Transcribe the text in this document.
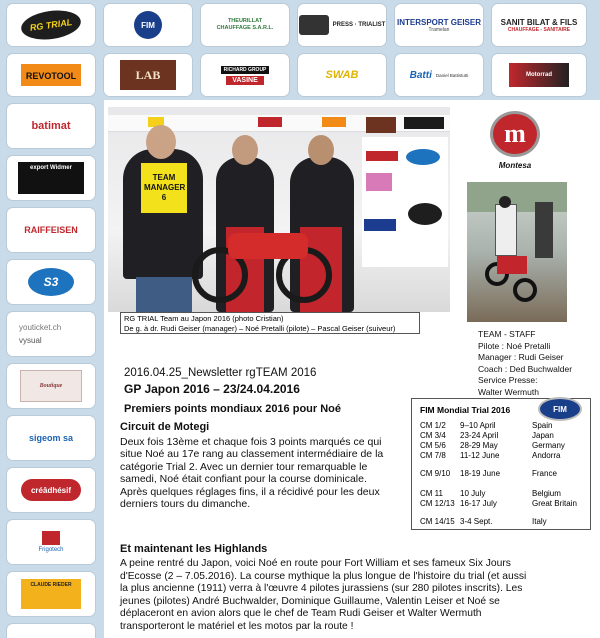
RG TRIAL	FIM	THEURILLAT CHAUFFAGE S.A.R.L.	PRESS · TRIALIST INTERSPORT GEISER
Tramelan
SANIT BILAT & FILS
CHAUFFAGE - SANITAIRE
REVOTOOL	LAB	RICHARD GROUP
VASINE	SWAB	Batti Daniel Battistutti	Motorrad
batimat
export Widmer
RAIFFEISEN
S3
youticket.ch
vysual
Boutique
sigeom sa
créâdhésif
Frigotech
CLAUDE RIEDER
TEAM MANAGER 6
RG TRIAL Team au Japon 2016 (photo Cristian)
De g. à dr. Rudi Geiser (manager) – Noé Pretalli (pilote) – Pascal Geiser (suiveur)
m
Montesa
TEAM - STAFF
Pilote : Noé Pretalli
Manager : Rudi Geiser
Coach : Ded Buchwalder
Service Presse:
Walter Wermuth
2016.04.25_Newsletter rgTEAM 2016
GP Japon 2016 – 23/24.04.2016
Premiers points mondiaux 2016 pour Noé
Circuit de Motegi
Deux fois 13ème et chaque fois 3 points marqués ce qui
situe Noé au 17e rang au classement intermédiaire de la
catégorie Trial 2. Avec un dernier tour remarquable le
samedi, Noé était confiant pour la course dominicale.
Après quelques réglages fins, il a récidivé pour les deux
derniers tours du dimanche.
Et maintenant les Highlands
A peine rentré du Japon, voici Noé en route pour Fort William et ses fameux Six Jours
d'Ecosse (2 – 7.05.2016). La course mythique la plus longue de l'histoire du trial (et aussi
la plus ancienne (1911) verra à l'œuvre 4 pilotes jurassiens (sur 280 pilotes inscrits). Les
jeunes (pilotes) André Buchwalder, Dominique Guillaume, Valentin Leiser et Noé se
déplaceront en avion alors que le chef de Team Rudi Geiser et Walter Wermuth
transporteront le matériel et les motos par la route !
FIM Mondial Trial 2016	FIM
CM 1/2 9–10 April	Spain
CM 3/4 23-24 April	Japan
CM 5/6 28-29 May	Germany
CM 7/8 11-12 June	Andorra
CM 9/10 18-19 June	France
CM 11 10 July	Belgium
CM 12/13 16-17 July	Great Britain
CM 14/15 3-4 Sept.	Italy
